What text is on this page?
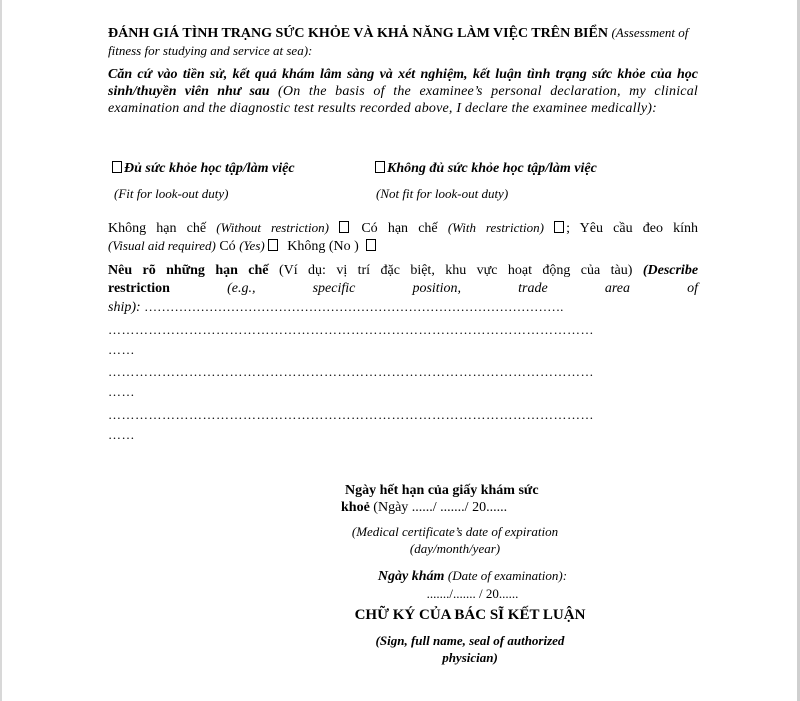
ĐÁNH GIÁ TÌNH TRẠNG SỨC KHỎE VÀ KHẢ NĂNG LÀM VIỆC TRÊN BIỂN (Assessment of fitness for studying and service at sea):
Căn cứ vào tiền sử, kết quả khám lâm sàng và xét nghiệm, kết luận tình trạng sức khỏe của học sinh/thuyền viên như sau (On the basis of the examinee’s personal declaration, my clinical examination and the diagnostic test results recorded above, I declare the examinee medically):
Đủ sức khỏe học tập/làm việc
(Fit for look-out duty)
Không đủ sức khỏe học tập/làm việc
(Not fit for look-out duty)
Không hạn chế (Without restriction) Có hạn chế (With restriction) ; Yêu cầu đeo kính
(Visual aid required) Có (Yes) Không (No )
Nêu rõ những hạn chế (Ví dụ: vị trí đặc biệt, khu vực hoạt động của tàu) (Describe
restriction	(e.g.,	specific	position,	trade	area	of
ship): …………………………………………………………………………………….
………………………………………………………………………………………………
……
………………………………………………………………………………………………
……
………………………………………………………………………………………………
……
Ngày hết hạn của giấy khám sức
khoẻ (Ngày ....../ ......./ 20......
(Medical certificate’s date of expiration
(day/month/year)
Ngày khám (Date of examination):
......./....... / 20......
CHỮ KÝ CỦA BÁC SĨ KẾT LUẬN
(Sign, full name, seal of authorized
physician)
